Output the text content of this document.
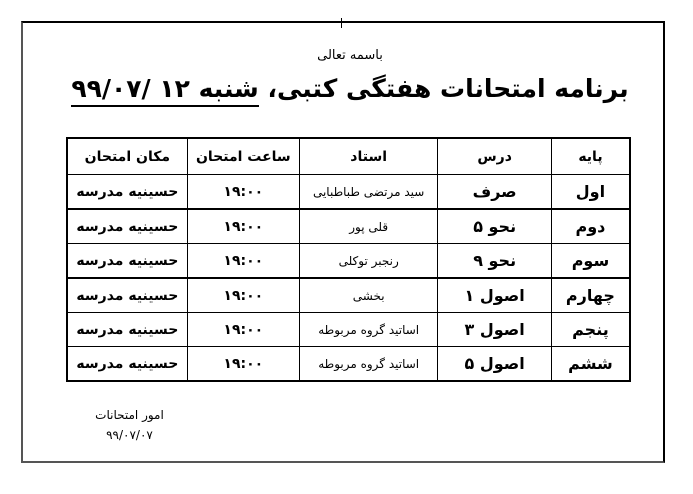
باسمه تعالی
برنامه امتحانات هفتگی کتبی، شنبه ۱۲ /۹۹/۰۷
پایه	درس	استاد	ساعت امتحان	مکان امتحان
اول	صرف	سید مرتضی طباطبایی	۱۹:۰۰	حسینیه مدرسه
دوم	نحو ۵	قلی پور	۱۹:۰۰	حسینیه مدرسه
سوم	نحو ۹	رنجبر توکلی	۱۹:۰۰	حسینیه مدرسه
چهارم	اصول ۱	بخشی	۱۹:۰۰	حسینیه مدرسه
پنجم	اصول ۳	اساتید گروه مربوطه	۱۹:۰۰	حسینیه مدرسه
ششم	اصول ۵	اساتید گروه مربوطه	۱۹:۰۰	حسینیه مدرسه
امور امتحانات
۹۹/۰۷/۰۷
